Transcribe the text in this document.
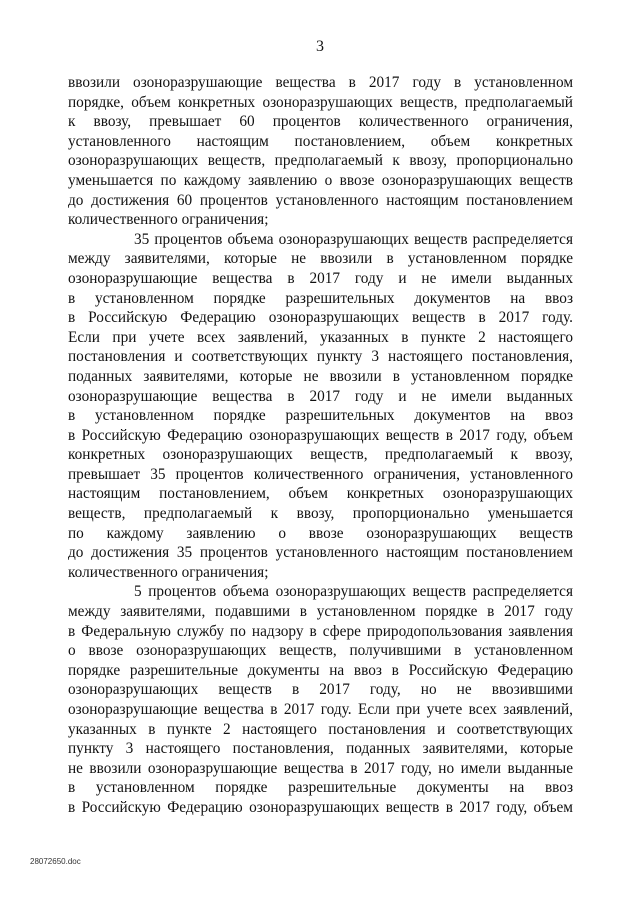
3
ввозили озоноразрушающие вещества в 2017 году в установленном
порядке, объем конкретных озоноразрушающих веществ, предполагаемый
к ввозу, превышает 60 процентов количественного ограничения,
установленного настоящим постановлением, объем конкретных
озоноразрушающих веществ, предполагаемый к ввозу, пропорционально
уменьшается по каждому заявлению о ввозе озоноразрушающих веществ
до достижения 60 процентов установленного настоящим постановлением
количественного ограничения;
35 процентов объема озоноразрушающих веществ распределяется
между заявителями, которые не ввозили в установленном порядке
озоноразрушающие вещества в 2017 году и не имели выданных
в установленном порядке разрешительных документов на ввоз
в Российскую Федерацию озоноразрушающих веществ в 2017 году.
Если при учете всех заявлений, указанных в пункте 2 настоящего
постановления и соответствующих пункту 3 настоящего постановления,
поданных заявителями, которые не ввозили в установленном порядке
озоноразрушающие вещества в 2017 году и не имели выданных
в установленном порядке разрешительных документов на ввоз
в Российскую Федерацию озоноразрушающих веществ в 2017 году, объем
конкретных озоноразрушающих веществ, предполагаемый к ввозу,
превышает 35 процентов количественного ограничения, установленного
настоящим постановлением, объем конкретных озоноразрушающих
веществ, предполагаемый к ввозу, пропорционально уменьшается
по каждому заявлению о ввозе озоноразрушающих веществ
до достижения 35 процентов установленного настоящим постановлением
количественного ограничения;
5 процентов объема озоноразрушающих веществ распределяется
между заявителями, подавшими в установленном порядке в 2017 году
в Федеральную службу по надзору в сфере природопользования заявления
о ввозе озоноразрушающих веществ, получившими в установленном
порядке разрешительные документы на ввоз в Российскую Федерацию
озоноразрушающих веществ в 2017 году, но не ввозившими
озоноразрушающие вещества в 2017 году. Если при учете всех заявлений,
указанных в пункте 2 настоящего постановления и соответствующих
пункту 3 настоящего постановления, поданных заявителями, которые
не ввозили озоноразрушающие вещества в 2017 году, но имели выданные
в установленном порядке разрешительные документы на ввоз
в Российскую Федерацию озоноразрушающих веществ в 2017 году, объем
28072650.doc
